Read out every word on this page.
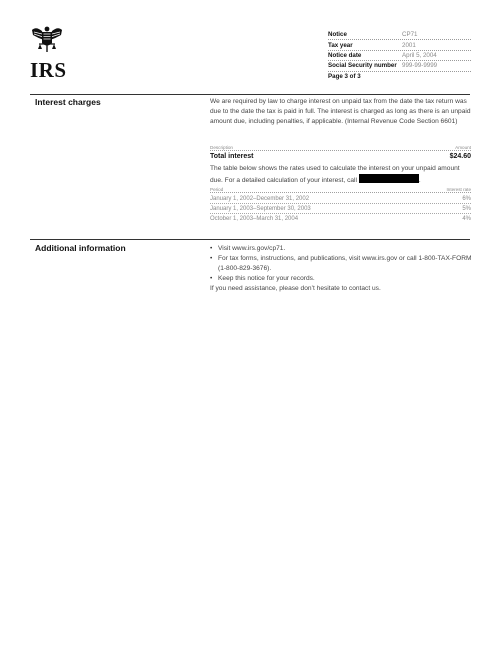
IRS
Notice	CP71
Tax year	2001
Notice date	April 5, 2004
Social Security number 999-99-9999
Page 3 of 3
Interest charges	We are required by law to charge interest on unpaid tax from the date the tax return was due to the date the tax is paid in full. The interest is charged as long as there is an unpaid amount due, including penalties, if applicable. (Internal Revenue Code Section 6601)
Description	Amount
Total interest	$24.60
The table below shows the rates used to calculate the interest on your unpaid amount due. For a detailed calculation of your interest, call	.
Period	Interest rate
January 1, 2002–December 31, 2002	6%
January 1, 2003–September 30, 2003	5%
October 1, 2003–March 31, 2004	4%
Additional information
•	Visit www.irs.gov/cp71.
• For tax forms, instructions, and publications, visit www.irs.gov or call 1-800-TAX-FORM (1-800-829-3676).
• Keep this notice for your records.
If you need assistance, please don’t hesitate to contact us.
